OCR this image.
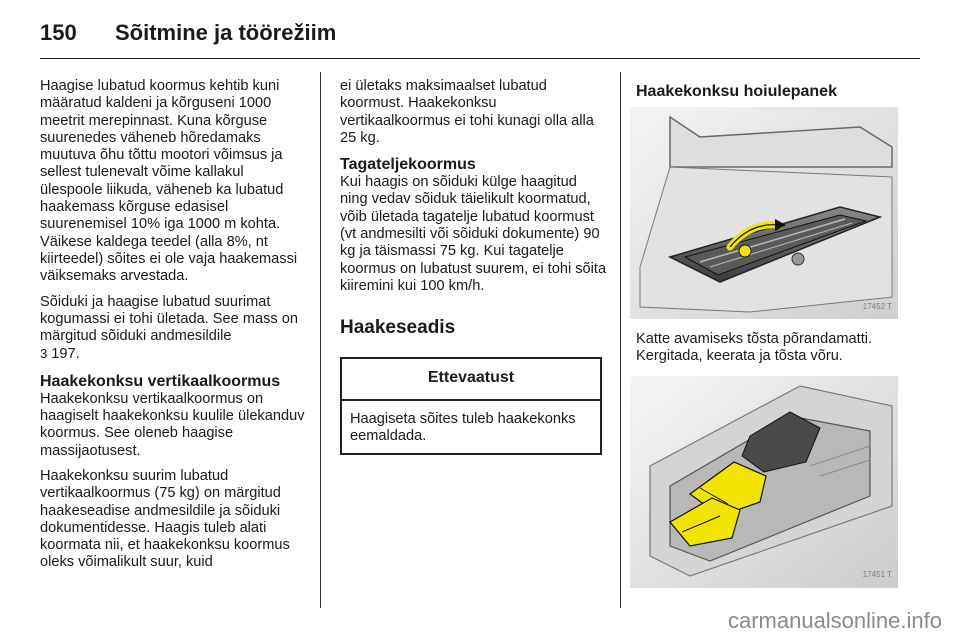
150 Sõitmine ja töörežiim

Haagise lubatud koormus kehtib kuni määratud kaldeni ja kõrguseni 1000 meetrit merepinnast. Kuna kõrguse suurenedes väheneb hõredamaks muutuva õhu tõttu mootori võimsus ja sellest tulenevalt võime kallakul ülespoole liikuda, väheneb ka lubatud haakemass kõrguse edasisel suurenemisel 10% iga 1000 m kohta. Väikese kaldega teedel (alla 8%, nt kiirteedel) sõites ei ole vaja haakemassi väiksemaks arvestada.

Sõiduki ja haagise lubatud suurimat kogumassi ei tohi ületada. See mass on märgitud sõiduki andmesildile
3 197.

Haakekonksu vertikaalkoormus

Haakekonksu vertikaalkoormus on haagiselt haakekonksu kuulile ülekanduv koormus. See oleneb haagise massijaotusest.

Haakekonksu suurim lubatud vertikaalkoormus (75 kg) on märgitud haakeseadise andmesildile ja sõiduki dokumentidesse. Haagis tuleb alati koormata nii, et haakekonksu koormus oleks võimalikult suur, kuid

ei ületaks maksimaalset lubatud koormust. Haakekonksu vertikaalkoormus ei tohi kunagi olla alla 25 kg.

Tagateljekoormus

Kui haagis on sõiduki külge haagitud ning vedav sõiduk täielikult koormatud, võib ületada tagatelje lubatud koormust (vt andmesilti või sõiduki dokumente) 90 kg ja täismassi 75 kg. Kui tagatelje koormus on lubatust suurem, ei tohi sõita kiiremini kui 100 km/h.

Haakeseadis
Ettevaatust
Haagiseta sõites tuleb haakekonks eemaldada.
Haakekonksu hoiulepanek
17452 T

Katte avamiseks tõsta põrandamatti. Kergitada, keerata ja tõsta võru.

17451 T
carmanualsonline.info
